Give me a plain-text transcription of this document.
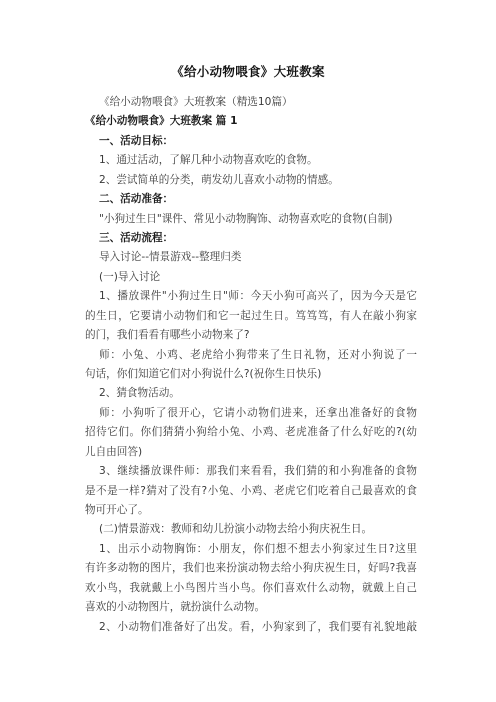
《给小动物喂食》大班教案
《给小动物喂食》大班教案（精选10篇）
《给小动物喂食》大班教案 篇 1
一、活动目标：
1、通过活动，了解几种小动物喜欢吃的食物。
2、尝试简单的分类，萌发幼儿喜欢小动物的情感。
二、活动准备：
"小狗过生日"课件、常见小动物胸饰、动物喜欢吃的食物(自制)
三、活动流程：
导入讨论--情景游戏--整理归类
(一)导入讨论
1、播放课件"小狗过生日"师：今天小狗可高兴了，因为今天是它
的生日，它要请小动物们和它一起过生日。笃笃笃，有人在敲小狗家
的门，我们看看有哪些小动物来了?
师：小兔、小鸡、老虎给小狗带来了生日礼物，还对小狗说了一
句话，你们知道它们对小狗说什么?(祝你生日快乐)
2、猜食物活动。
师：小狗听了很开心，它请小动物们进来，还拿出准备好的食物
招待它们。你们猜猜小狗给小兔、小鸡、老虎准备了什么好吃的?(幼
儿自由回答)
3、继续播放课件师：那我们来看看，我们猜的和小狗准备的食物
是不是一样?猜对了没有?小兔、小鸡、老虎它们吃着自己最喜欢的食
物可开心了。
(二)情景游戏：教师和幼儿扮演小动物去给小狗庆祝生日。
1、出示小动物胸饰：小朋友，你们想不想去小狗家过生日?这里
有许多动物的图片，我们也来扮演动物去给小狗庆祝生日，好吗?我喜
欢小鸟，我就戴上小鸟图片当小鸟。你们喜欢什么动物，就戴上自己
喜欢的小动物图片，就扮演什么动物。
2、小动物们准备好了出发。看，小狗家到了，我们要有礼貌地敲
